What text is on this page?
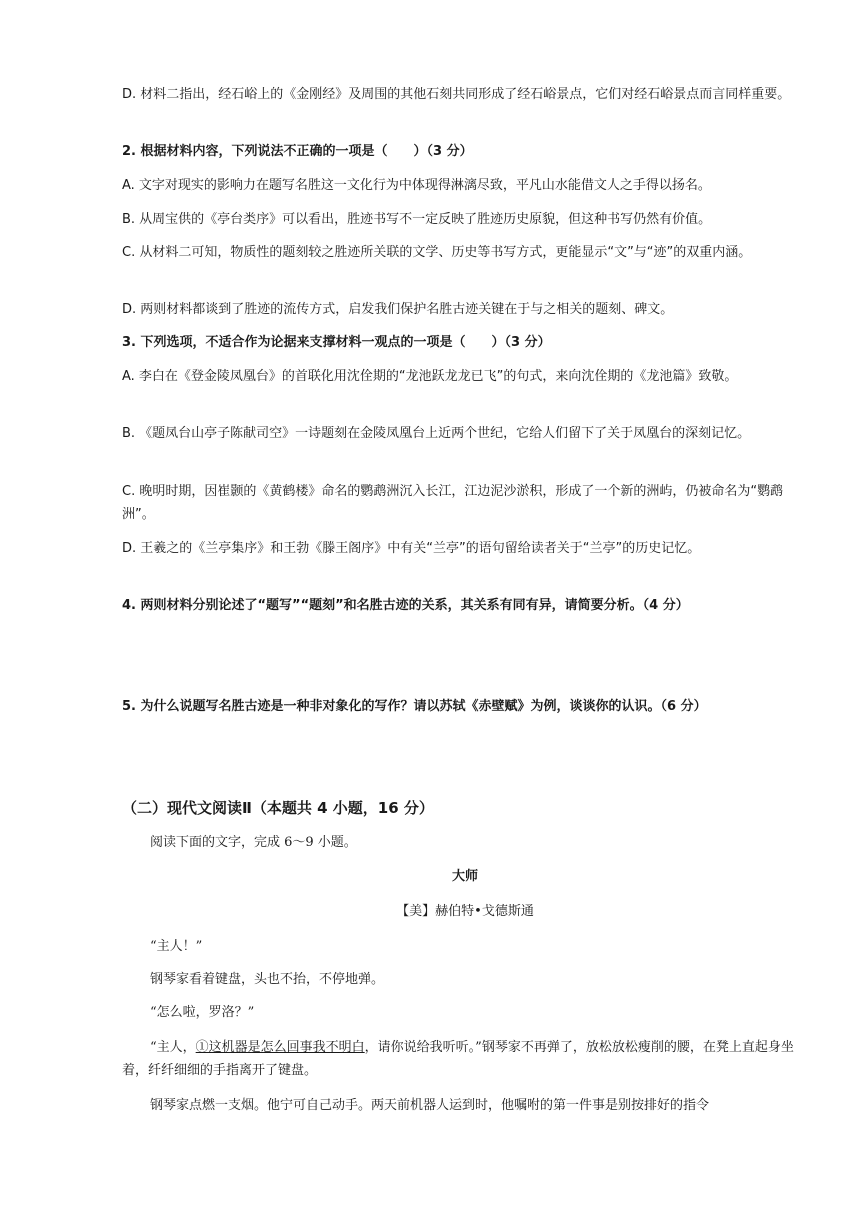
D. 材料二指出，经石峪上的《金刚经》及周围的其他石刻共同形成了经石峪景点，它们对经石峪景点而言同样重要。

2. 根据材料内容，下列说法不正确的一项是（　　）（3 分）

A. 文字对现实的影响力在题写名胜这一文化行为中体现得淋漓尽致，平凡山水能借文人之手得以扬名。

B. 从周宝供的《亭台类序》可以看出，胜迹书写不一定反映了胜迹历史原貌，但这种书写仍然有价值。

C. 从材料二可知，物质性的题刻较之胜迹所关联的文学、历史等书写方式，更能显示“文”与“迹”的双重内涵。

D. 两则材料都谈到了胜迹的流传方式，启发我们保护名胜古迹关键在于与之相关的题刻、碑文。

3. 下列选项，不适合作为论据来支撑材料一观点的一项是（　　）（3 分）

A. 李白在《登金陵凤凰台》的首联化用沈佺期的“龙池跃龙龙已飞”的句式，来向沈佺期的《龙池篇》致敬。

B. 《题凤台山亭子陈献司空》一诗题刻在金陵凤凰台上近两个世纪，它给人们留下了关于凤凰台的深刻记忆。

C. 晚明时期，因崔颢的《黄鹤楼》命名的鹦鹉洲沉入长江，江边泥沙淤积，形成了一个新的洲屿，仍被命名为“鹦鹉洲”。

D. 王羲之的《兰亭集序》和王勃《滕王阁序》中有关“兰亭”的语句留给读者关于“兰亭”的历史记忆。

4. 两则材料分别论述了“题写”“题刻”和名胜古迹的关系，其关系有同有异，请简要分析。（4 分）

5. 为什么说题写名胜古迹是一种非对象化的写作？请以苏轼《赤壁赋》为例，谈谈你的认识。（6 分）

（二）现代文阅读Ⅱ（本题共 4 小题，16 分）

阅读下面的文字，完成 6～9 小题。

大师

【美】赫伯特•戈德斯通

“主人！”

钢琴家看着键盘，头也不抬，不停地弹。

“怎么啦，罗洛？”

“主人，①这机器是怎么回事我不明白，请你说给我听听。”钢琴家不再弹了，放松放松瘦削的腰，在凳上直起身坐着，纤纤细细的手指离开了键盘。

钢琴家点燃一支烟。他宁可自己动手。两天前机器人运到时，他嘱咐的第一件事是别按排好的指令
